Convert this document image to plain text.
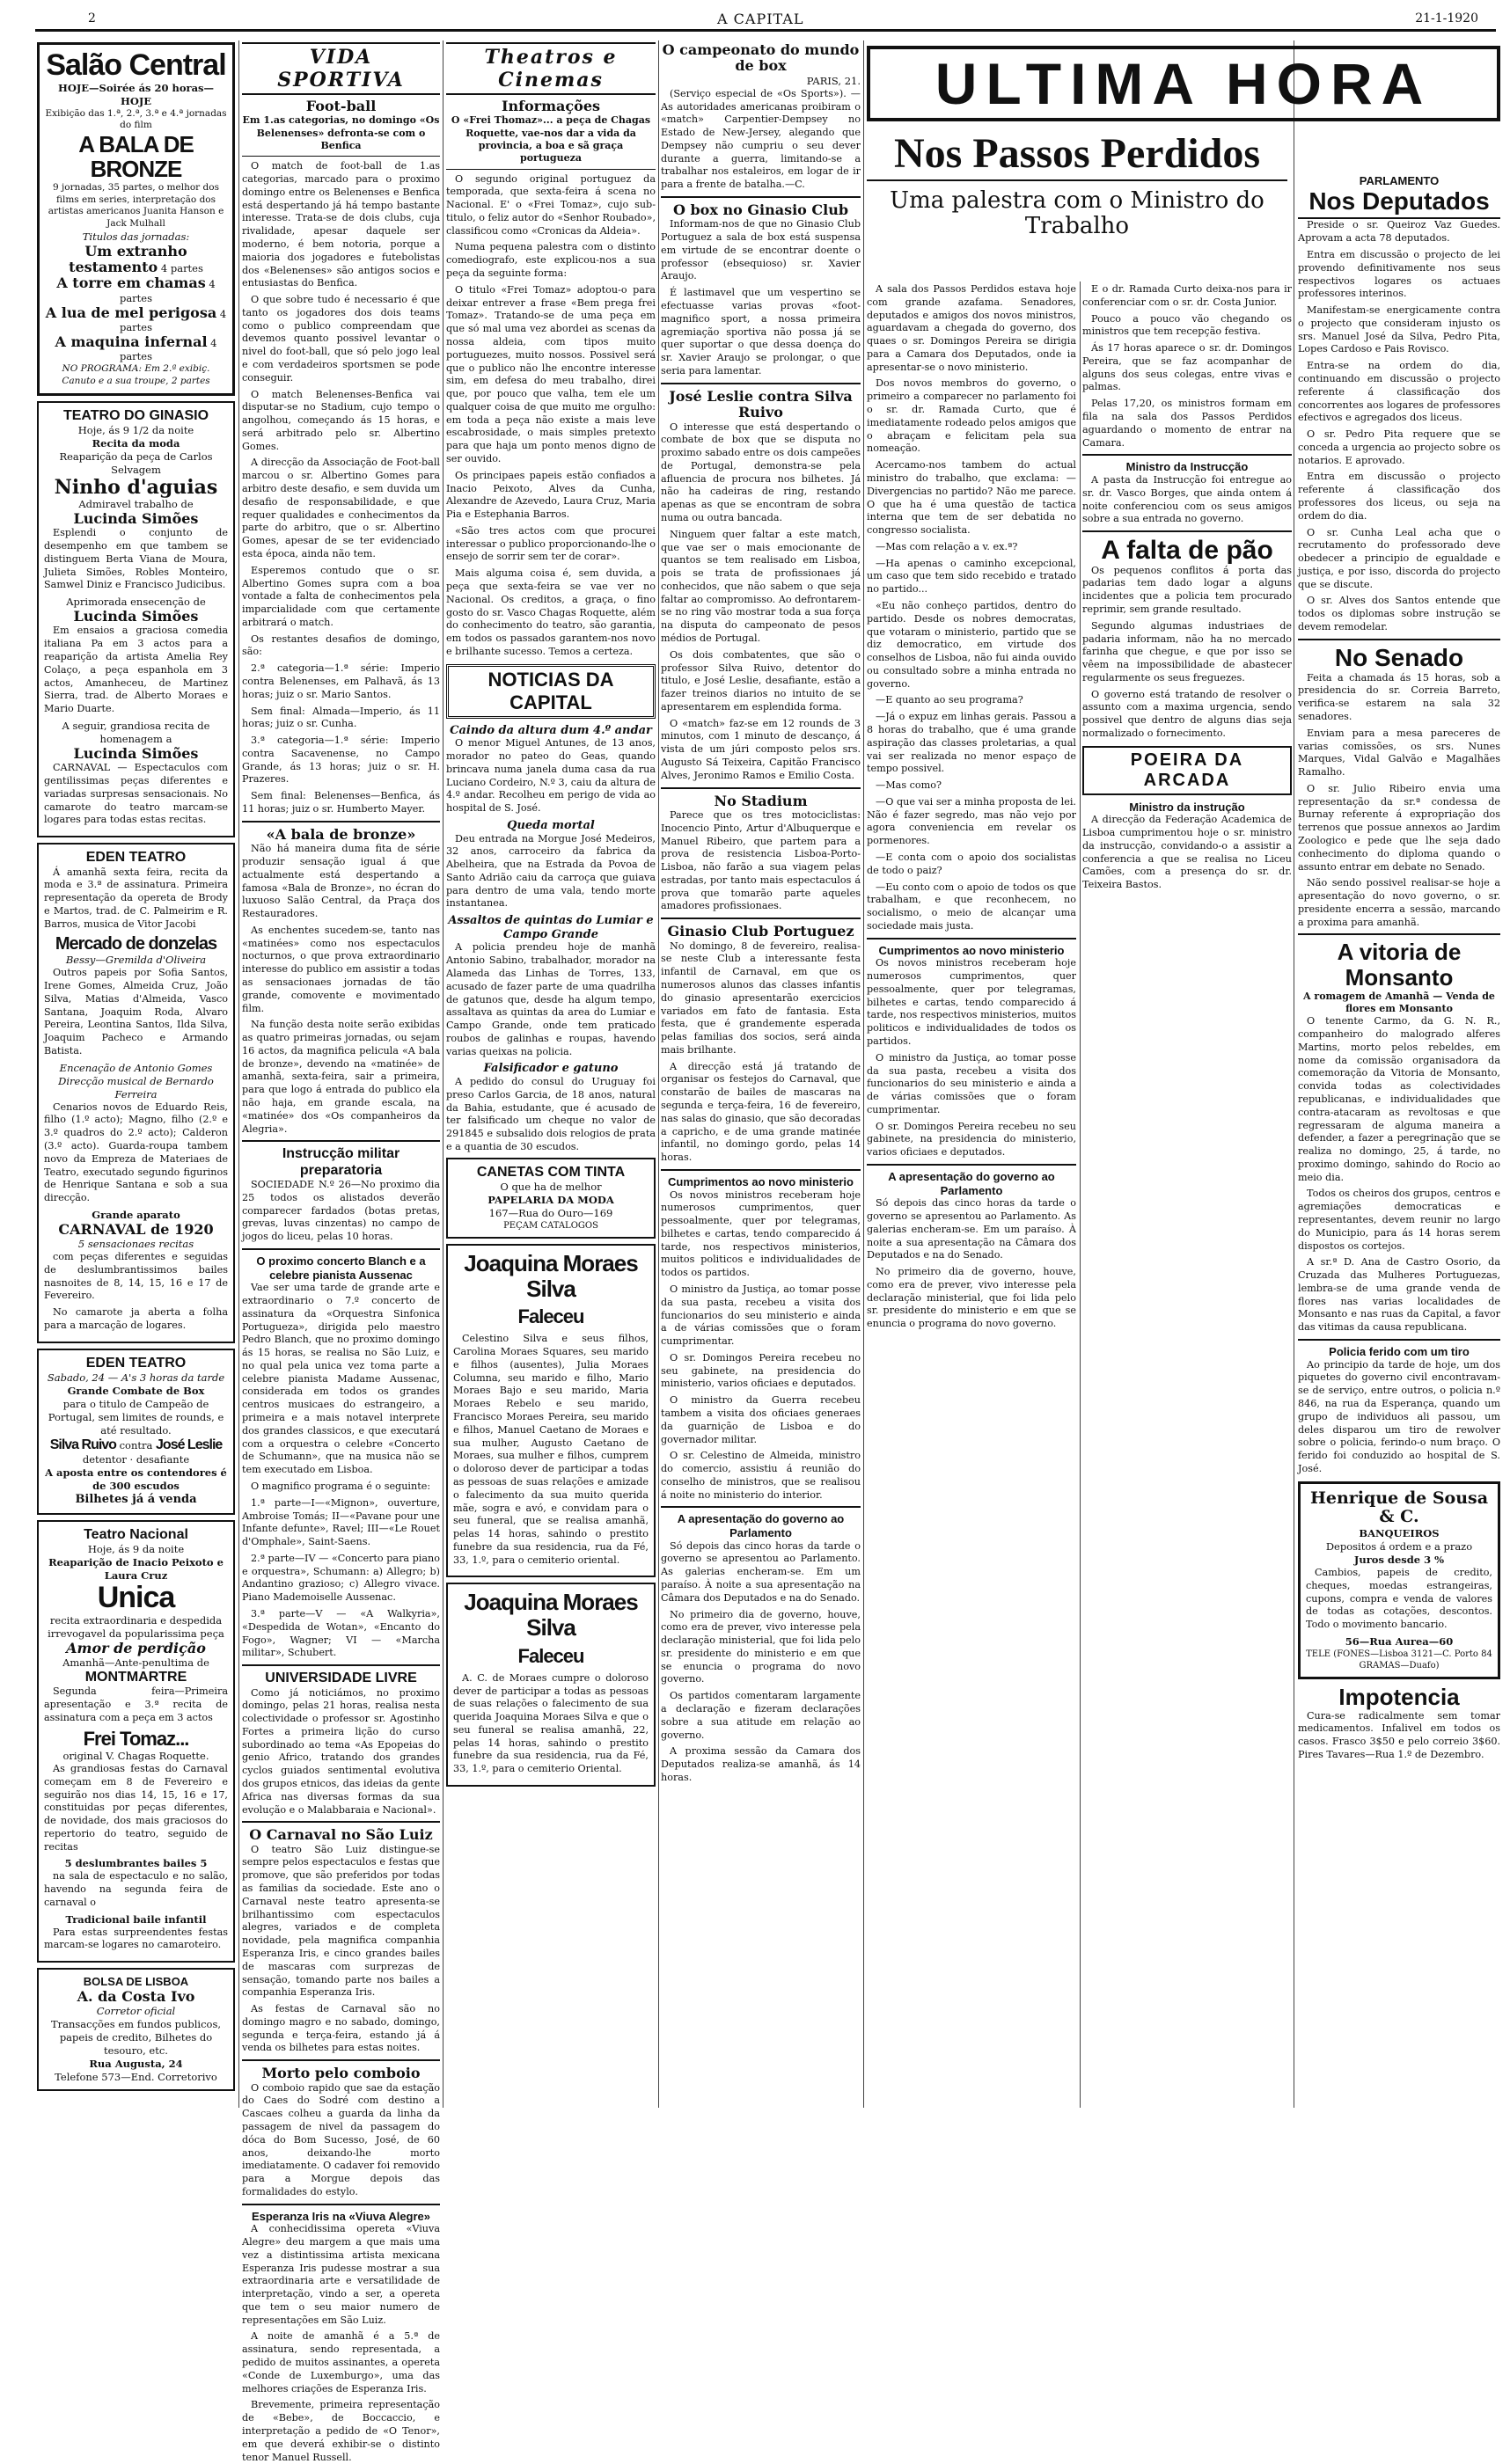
2	A CAPITAL	21-1-1920
Salão Central

HOJE—Soirée ás 20 horas—HOJE

Exibição das 1.ª, 2.ª, 3.ª e 4.ª jornadas do film

A BALA DE BRONZE

9 jornadas, 35 partes, o melhor dos films em series, interpretação dos artistas americanos Juanita Hanson e Jack Mulhall

Titulos das jornadas:

Um extranho testamento 4 partes

A torre em chamas 4 partes

A lua de mel perigosa 4 partes

A maquina infernal 4 partes

NO PROGRAMA: Em 2.ª exibiç. Canuto e a sua troupe, 2 partes

TEATRO DO GINASIO

Hoje, ás 9 1/2 da noite

Recita da moda

Reaparição da peça de Carlos Selvagem

Ninho d'aguias

Admiravel trabalho de

Lucinda Simões

Esplendi o conjunto de desempenho em que tambem se distinguem Berta Viana de Moura, Julieta Simões, Robles Monteiro, Samwel Diniz e Francisco Judicibus.

Aprimorada ensecenção de

Lucinda Simões

Em ensaios a graciosa comedia italiana Pa em 3 actos para a reaparição da artista Amelia Rey Colaço, a peça espanhola em 3 actos, Amanheceu, de Martinez Sierra, trad. de Alberto Moraes e Mario Duarte.

A seguir, grandiosa recita de homenagem a

Lucinda Simões

CARNAVAL — Espectaculos com gentilissimas peças diferentes e variadas surpresas sensacionais. No camarote do teatro marcam-se logares para todas estas recitas.

EDEN TEATRO

Á amanhã sexta feira, recita da moda e 3.ª de assinatura. Primeira representação da opereta de Brody e Martos, trad. de C. Palmeirim e R. Barros, musica de Vitor Jacobi

Mercado de donzelas

Bessy—Gremilda d'Oliveira

Outros papeis por Sofia Santos, Irene Gomes, Almeida Cruz, João Silva, Matias d'Almeida, Vasco Santana, Joaquim Roda, Alvaro Pereira, Leontina Santos, Ilda Silva, Joaquim Pacheco e Armando Batista.

Encenação de Antonio Gomes

Direcção musical de Bernardo Ferreira

Cenarios novos de Eduardo Reis, filho (1.º acto); Magno, filho (2.º e 3.º quadros do 2.º acto); Calderon (3.º acto). Guarda-roupa tambem novo da Empreza de Materiaes de Teatro, executado segundo figurinos de Henrique Santana e sob a sua direcção.

Grande aparato

CARNAVAL de 1920

5 sensacionaes recitas

com peças diferentes e seguidas de deslumbrantissimos bailes nasnoites de 8, 14, 15, 16 e 17 de Fevereiro.

No camarote ja aberta a folha para a marcação de logares.

EDEN TEATRO

Sabado, 24 — A's 3 horas da tarde

Grande Combate de Box

para o titulo de Campeão de Portugal, sem limites de rounds, e até resultado.

Silva Ruivo contra José Leslie

detentor · desafiante

A aposta entre os contendores é de 300 escudos

Bilhetes já á venda

Teatro Nacional

Hoje, ás 9 da noite

Reaparição de Inacio Peixoto e Laura Cruz

Unica

recita extraordinaria e despedida irrevogavel da popularissima peça

Amor de perdição

Amanhã—Ante-penultima de

MONTMARTRE

Segunda feira—Primeira apresentação e 3.ª recita de assinatura com a peça em 3 actos

Frei Tomaz...

original V. Chagas Roquette.

As grandiosas festas do Carnaval começam em 8 de Fevereiro e seguirão nos dias 14, 15, 16 e 17, constituidas por peças diferentes, de novidade, dos mais graciosos do repertorio do teatro, seguido de recitas

5 deslumbrantes bailes 5

na sala de espectaculo e no salão, havendo na segunda feira de carnaval o

Tradicional baile infantil

Para estas surpreendentes festas marcam-se logares no camaroteiro.

BOLSA DE LISBOA
A. da Costa Ivo

Corretor oficial

Transacções em fundos publicos, papeis de credito, Bilhetes do tesouro, etc.

Rua Augusta, 24

Telefone 573—End. Corretorivo

VIDA SPORTIVA
Foot-ball

Em 1.as categorias, no domingo «Os Belenenses» defronta-se com o Benfica

O match de foot-ball de 1.as categorias, marcado para o proximo domingo entre os Belenenses e Benfica está despertando já há tempo bastante interesse. Trata-se de dois clubs, cuja rivalidade, apesar daquele ser moderno, é bem notoria, porque a maioria dos jogadores e futebolistas dos «Belenenses» são antigos socios e entusiastas do Benfica.

O que sobre tudo é necessario é que tanto os jogadores dos dois teams como o publico compreendam que devemos quanto possivel levantar o nivel do foot-ball, que só pelo jogo leal e com verdadeiros sportsmen se pode conseguir.

O match Belenenses-Benfica vai disputar-se no Stadium, cujo tempo o angolhou, começando ás 15 horas, e será arbitrado pelo sr. Albertino Gomes.

A direcção da Associação de Foot-ball marcou o sr. Albertino Gomes para arbitro deste desafio, e sem duvida um desafio de responsabilidade, e que requer qualidades e conhecimentos da parte do arbitro, que o sr. Albertino Gomes, apesar de se ter evidenciado esta época, ainda não tem.

Esperemos contudo que o sr. Albertino Gomes supra com a boa vontade a falta de conhecimentos pela imparcialidade com que certamente arbitrará o match.

Os restantes desafios de domingo, são:

2.ª categoria—1.ª série: Imperio contra Belenenses, em Palhavã, ás 13 horas; juiz o sr. Mario Santos.

Sem final: Almada—Imperio, ás 11 horas; juiz o sr. Cunha.

3.ª categoria—1.ª série: Imperio contra Sacavenense, no Campo Grande, ás 13 horas; juiz o sr. H. Prazeres.

Sem final: Belenenses—Benfica, ás 11 horas; juiz o sr. Humberto Mayer.

«A bala de bronze»

Não há maneira duma fita de série produzir sensação igual á que actualmente está despertando a famosa «Bala de Bronze», no écran do luxuoso Salão Central, da Praça dos Restauradores.

As enchentes sucedem-se, tanto nas «matinées» como nos espectaculos nocturnos, o que prova extraordinario interesse do publico em assistir a todas as sensacionaes jornadas de tão grande, comovente e movimentado film.

Na função desta noite serão exibidas as quatro primeiras jornadas, ou sejam 16 actos, da magnifica pelicula «A bala de bronze», devendo na «matinée» de amanhã, sexta-feira, sair a primeira, para que logo á entrada do publico ela não haja, em grande escala, na «matinée» dos «Os companheiros da Alegria».

Instrucção militar preparatoria

SOCIEDADE N.º 26—No proximo dia 25 todos os alistados deverão comparecer fardados (botas pretas, grevas, luvas cinzentas) no campo de jogos do liceu, pelas 10 horas.

O proximo concerto Blanch e a celebre pianista Aussenac

Vae ser uma tarde de grande arte e extraordinario o 7.º concerto de assinatura da «Orquestra Sinfonica Portugueza», dirigida pelo maestro Pedro Blanch, que no proximo domingo ás 15 horas, se realisa no São Luiz, e no qual pela unica vez toma parte a celebre pianista Madame Aussenac, considerada em todos os grandes centros musicaes do estrangeiro, a primeira e a mais notavel interprete dos grandes classicos, e que executará com a orquestra o celebre «Concerto de Schumann», que na musica não se tem executado em Lisboa.

O magnifico programa é o seguinte:

1.ª parte—I—«Mignon», ouverture, Ambroise Tomás; II—«Pavane pour une Infante defunte», Ravel; III—«Le Rouet d'Omphale», Saint-Saens.

2.ª parte—IV — «Concerto para piano e orquestra», Schumann: a) Allegro; b) Andantino grazioso; c) Allegro vivace. Piano Mademoiselle Aussenac.

3.ª parte—V — «A Walkyria», «Despedida de Wotan», «Encanto do Fogo», Wagner; VI — «Marcha militar», Schubert.

UNIVERSIDADE LIVRE

Como já noticiámos, no proximo domingo, pelas 21 horas, realisa nesta colectividade o professor sr. Agostinho Fortes a primeira lição do curso subordinado ao tema «As Epopeias do genio Africo, tratando dos grandes cyclos guiados sentimental evolutiva dos grupos etnicos, das ideias da gente Africa nas diversas formas da sua evolução e o Malabbaraia e Nacional».

O Carnaval no São Luiz

O teatro São Luiz distingue-se sempre pelos espectaculos e festas que promove, que são preferidos por todas as familias da sociedade. Este ano o Carnaval neste teatro apresenta-se brilhantissimo com espectaculos alegres, variados e de completa novidade, pela magnifica companhia Esperanza Iris, e cinco grandes bailes de mascaras com surprezas de sensação, tomando parte nos bailes a companhia Esperanza Iris.

As festas de Carnaval são no domingo magro e no sabado, domingo, segunda e terça-feira, estando já á venda os bilhetes para estas noites.

Morto pelo comboio

O comboio rapido que sae da estação do Caes do Sodré com destino a Cascaes colheu a guarda da linha da passagem de nivel da passagem do dóca do Bom Sucesso, José, de 60 anos, deixando-lhe morto imediatamente. O cadaver foi removido para a Morgue depois das formalidades do estylo.

Esperanza Iris na «Viuva Alegre»

A conhecidissima opereta «Viuva Alegre» deu margem a que mais uma vez a distintissima artista mexicana Esperanza Iris pudesse mostrar a sua extraordinaria arte e versatilidade de interpretação, vindo a ser, a opereta que tem o seu maior numero de representações em São Luiz.

A noite de amanhã é a 5.ª de assinatura, sendo representada, a pedido de muitos assinantes, a opereta «Conde de Luxemburgo», uma das melhores criações de Esperanza Iris.

Brevemente, primeira representação de «Bebe», de Boccaccio, e interpretação a pedido de «O Tenor», em que deverá exhibir-se o distinto tenor Manuel Russell.

Theatros e Cinemas
Informações

O «Frei Thomaz»... a peça de Chagas Roquette, vae-nos dar a vida da provincia, a boa e sã graça portugueza

O segundo original portuguez da temporada, que sexta-feira á scena no Nacional. E' o «Frei Tomaz», cujo sub-titulo, o feliz autor do «Senhor Roubado», classificou como «Cronicas da Aldeia».

Numa pequena palestra com o distinto comediografo, este explicou-nos a sua peça da seguinte forma:

O titulo «Frei Tomaz» adoptou-o para deixar entrever a frase «Bem prega frei Tomaz». Tratando-se de uma peça em que só mal uma vez abordei as scenas da nossa aldeia, com tipos muito portuguezes, muito nossos. Possivel será que o publico não lhe encontre interesse sim, em defesa do meu trabalho, direi que, por pouco que valha, tem ele um qualquer coisa de que muito me orgulho: em toda a peça não existe a mais leve escabrosidade, o mais simples pretexto para que haja um ponto menos digno de ser ouvido.

Os principaes papeis estão confiados a Inacio Peixoto, Alves da Cunha, Alexandre de Azevedo, Laura Cruz, Maria Pia e Estephania Barros.

«São tres actos com que procurei interessar o publico proporcionando-lhe o ensejo de sorrir sem ter de corar».

Mais alguma coisa é, sem duvida, a peça que sexta-feira se vae ver no Nacional. Os creditos, a graça, o fino gosto do sr. Vasco Chagas Roquette, além do conhecimento do teatro, são garantia, em todos os passados garantem-nos novo e brilhante sucesso. Temos a certeza.

NOTICIAS DA CAPITAL
Caindo da altura dum 4.º andar

O menor Miguel Antunes, de 13 anos, morador no pateo do Geas, quando brincava numa janela duma casa da rua Luciano Cordeiro, N.º 3, caiu da altura de 4.º andar. Recolheu em perigo de vida ao hospital de S. José.

Queda mortal

Deu entrada na Morgue José Medeiros, 32 anos, carroceiro da fabrica da Abelheira, que na Estrada da Povoa de Santo Adrião caiu da carroça que guiava para dentro de uma vala, tendo morte instantanea.

Assaltos de quintas do Lumiar e Campo Grande

A policia prendeu hoje de manhã Antonio Sabino, trabalhador, morador na Alameda das Linhas de Torres, 133, acusado de fazer parte de uma quadrilha de gatunos que, desde ha algum tempo, assaltava as quintas da area do Lumiar e Campo Grande, onde tem praticado roubos de galinhas e roupas, havendo varias queixas na policia.

Falsificador e gatuno

A pedido do consul do Uruguay foi preso Carlos Garcia, de 18 anos, natural da Bahia, estudante, que é acusado de ter falsificado um cheque no valor de 291845 e subsalido dois relogios de prata e a quantia de 30 escudos.

CANETAS COM TINTA

O que ha de melhor

PAPELARIA DA MODA

167—Rua do Ouro—169

PEÇAM CATALOGOS

Joaquina Moraes Silva
Faleceu

Celestino Silva e seus filhos, Carolina Moraes Squares, seu marido e filhos (ausentes), Julia Moraes Columna, seu marido e filho, Mario Moraes Bajo e seu marido, Maria Moraes Rebelo e seu marido, Francisco Moraes Pereira, seu marido e filhos, Manuel Caetano de Moraes e sua mulher, Augusto Caetano de Moraes, sua mulher e filhos, cumprem o doloroso dever de participar a todas as pessoas de suas relações e amizade o falecimento da sua muito querida mãe, sogra e avó, e convidam para o seu funeral, que se realisa amanhã, pelas 14 horas, sahindo o prestito funebre da sua residencia, rua da Fé, 33, 1.º, para o cemiterio oriental.

Joaquina Moraes Silva
Faleceu

A. C. de Moraes cumpre o doloroso dever de participar a todas as pessoas de suas relações o falecimento de sua querida Joaquina Moraes Silva e que o seu funeral se realisa amanhã, 22, pelas 14 horas, sahindo o prestito funebre da sua residencia, rua da Fé, 33, 1.º, para o cemiterio Oriental.

O campeonato do mundo de box

PARIS, 21.

(Serviço especial de «Os Sports»). —As autoridades americanas proibiram o «match» Carpentier-Dempsey no Estado de New-Jersey, alegando que Dempsey não cumpriu o seu dever durante a guerra, limitando-se a trabalhar nos estaleiros, em logar de ir para a frente de batalha.—C.

O box no Ginasio Club

Informam-nos de que no Ginasio Club Portuguez a sala de box está suspensa em virtude de se encontrar doente o professor (ebsequioso) sr. Xavier Araujo.

É lastimavel que um vespertino se efectuasse varias provas «foot-magnifico sport, a nossa primeira agremiação sportiva não possa já se quer suportar o que dessa doença do sr. Xavier Araujo se prolongar, o que seria para lamentar.

José Leslie contra Silva Ruivo

O interesse que está despertando o combate de box que se disputa no proximo sabado entre os dois campeões de Portugal, demonstra-se pela afluencia de procura nos bilhetes. Já não ha cadeiras de ring, restando apenas as que se encontram de sobra numa ou outra bancada.

Ninguem quer faltar a este match, que vae ser o mais emocionante de quantos se tem realisado em Lisboa, pois se trata de profissionaes já conhecidos, que não sabem o que seja faltar ao compromisso. Ao defrontarem-se no ring vão mostrar toda a sua força na disputa do campeonato de pesos médios de Portugal.

Os dois combatentes, que são o professor Silva Ruivo, detentor do titulo, e José Leslie, desafiante, estão a fazer treinos diarios no intuito de se apresentarem em esplendida forma.

O «match» faz-se em 12 rounds de 3 minutos, com 1 minuto de descanço, á vista de um júri composto pelos srs. Augusto Sá Teixeira, Capitão Francisco Alves, Jeronimo Ramos e Emilio Costa.

No Stadium

Parece que os tres motociclistas: Inocencio Pinto, Artur d'Albuquerque e Manuel Ribeiro, que partem para a prova de resistencia Lisboa-Porto-Lisboa, não farão a sua viagem pelas estradas, por tanto mais espectaculos á prova que tomarão parte aqueles amadores profissionaes.

Ginasio Club Portuguez

No domingo, 8 de fevereiro, realisa-se neste Club a interessante festa infantil de Carnaval, em que os numerosos alunos das classes infantis do ginasio apresentarão exercicios variados em fato de fantasia. Esta festa, que é grandemente esperada pelas familias dos socios, será ainda mais brilhante.

A direcção está já tratando de organisar os festejos do Carnaval, que constarão de bailes de mascaras na segunda e terça-feira, 16 de fevereiro, nas salas do ginasio, que são decoradas a capricho, e de uma grande matinée infantil, no domingo gordo, pelas 14 horas.

Cumprimentos ao novo ministerio

Os novos ministros receberam hoje numerosos cumprimentos, quer pessoalmente, quer por telegramas, bilhetes e cartas, tendo comparecido á tarde, nos respectivos ministerios, muitos politicos e individualidades de todos os partidos.

O ministro da Justiça, ao tomar posse da sua pasta, recebeu a visita dos funcionarios do seu ministerio e ainda a de várias comissões que o foram cumprimentar.

O sr. Domingos Pereira recebeu no seu gabinete, na presidencia do ministerio, varios oficiaes e deputados.

O ministro da Guerra recebeu tambem a visita dos oficiaes generaes da guarnição de Lisboa e do governador militar.

O sr. Celestino de Almeida, ministro do comercio, assistiu á reunião do conselho de ministros, que se realisou á noite no ministerio do interior.

A apresentação do governo ao Parlamento

Só depois das cinco horas da tarde o governo se apresentou ao Parlamento. As galerias encheram-se. Em um paraíso. À noite a sua apresentação na Câmara dos Deputados e na do Senado.

No primeiro dia de governo, houve, como era de prever, vivo interesse pela declaração ministerial, que foi lida pelo sr. presidente do ministerio e em que se enuncia o programa do novo governo.

Os partidos comentaram largamente a declaração e fizeram declarações sobre a sua atitude em relação ao governo.

A proxima sessão da Camara dos Deputados realiza-se amanhã, ás 14 horas.

ULTIMA HORA
Nos Passos Perdidos
Uma palestra com o Ministro do Trabalho

A sala dos Passos Perdidos estava hoje com grande azafama. Senadores, deputados e amigos dos novos ministros, aguardavam a chegada do governo, dos quaes o sr. Domingos Pereira se dirigia para a Camara dos Deputados, onde ia apresentar-se o novo ministerio.

Dos novos membros do governo, o primeiro a comparecer no parlamento foi o sr. dr. Ramada Curto, que é imediatamente rodeado pelos amigos que o abraçam e felicitam pela sua nomeação.

Acercamo-nos tambem do actual ministro do trabalho, que exclama: —Divergencias no partido? Não me parece. O que ha é uma questão de tactica interna que tem de ser debatida no congresso socialista.

—Mas com relação a v. ex.ª?

—Ha apenas o caminho excepcional, um caso que tem sido recebido e tratado no partido...

«Eu não conheço partidos, dentro do partido. Desde os nobres democratas, que votaram o ministerio, partido que se diz democratico, em virtude dos conselhos de Lisboa, não fui ainda ouvido ou consultado sobre a minha entrada no governo.

—E quanto ao seu programa?

—Já o expuz em linhas gerais. Passou a 8 horas do trabalho, que é uma grande aspiração das classes proletarias, a qual vai ser realizada no menor espaço de tempo possivel.

—Mas como?

—O que vai ser a minha proposta de lei. Não é fazer segredo, mas não vejo por agora conveniencia em revelar os pormenores.

—E conta com o apoio dos socialistas de todo o paiz?

—Eu conto com o apoio de todos os que trabalham, e que reconhecem, no socialismo, o meio de alcançar uma sociedade mais justa.

Cumprimentos ao novo ministerio

Os novos ministros receberam hoje numerosos cumprimentos, quer pessoalmente, quer por telegramas, bilhetes e cartas, tendo comparecido á tarde, nos respectivos ministerios, muitos politicos e individualidades de todos os partidos.

O ministro da Justiça, ao tomar posse da sua pasta, recebeu a visita dos funcionarios do seu ministerio e ainda a de várias comissões que o foram cumprimentar.

O sr. Domingos Pereira recebeu no seu gabinete, na presidencia do ministerio, varios oficiaes e deputados.

A apresentação do governo ao Parlamento

Só depois das cinco horas da tarde o governo se apresentou ao Parlamento. As galerias encheram-se. Em um paraíso. À noite a sua apresentação na Câmara dos Deputados e na do Senado.

No primeiro dia de governo, houve, como era de prever, vivo interesse pela declaração ministerial, que foi lida pelo sr. presidente do ministerio e em que se enuncia o programa do novo governo.

E o dr. Ramada Curto deixa-nos para ir conferenciar com o sr. dr. Costa Junior.

Pouco a pouco vão chegando os ministros que tem recepção festiva.

Ás 17 horas aparece o sr. dr. Domingos Pereira, que se faz acompanhar de alguns dos seus colegas, entre vivas e palmas.

Pelas 17,20, os ministros formam em fila na sala dos Passos Perdidos aguardando o momento de entrar na Camara.

Ministro da Instrucção

A pasta da Instrucção foi entregue ao sr. dr. Vasco Borges, que ainda ontem á noite conferenciou com os seus amigos sobre a sua entrada no governo.

A falta de pão

Os pequenos conflitos á porta das padarias tem dado logar a alguns incidentes que a policia tem procurado reprimir, sem grande resultado.

Segundo algumas industriaes de padaria informam, não ha no mercado farinha que chegue, e que por isso se vêem na impossibilidade de abastecer regularmente os seus freguezes.

O governo está tratando de resolver o assunto com a maxima urgencia, sendo possivel que dentro de alguns dias seja normalizado o fornecimento.

POEIRA DA ARCADA
Ministro da instrução

A direcção da Federação Academica de Lisboa cumprimentou hoje o sr. ministro da instrucção, convidando-o a assistir a conferencia a que se realisa no Liceu Camões, com a presença do sr. dr. Teixeira Bastos.

PARLAMENTO
Nos Deputados

Preside o sr. Queiroz Vaz Guedes. Aprovam a acta 78 deputados.

Entra em discussão o projecto de lei provendo definitivamente nos seus respectivos logares os actuaes professores interinos.

Manifestam-se energicamente contra o projecto que consideram injusto os srs. Manuel José da Silva, Pedro Pita, Lopes Cardoso e Pais Rovisco.

Entra-se na ordem do dia, continuando em discussão o projecto referente á classificação dos concorrentes aos logares de professores efectivos e agregados dos liceus.

O sr. Pedro Pita requere que se conceda a urgencia ao projecto sobre os notarios. E aprovado.

Entra em discussão o projecto referente á classificação dos professores dos liceus, ou seja na ordem do dia.

O sr. Cunha Leal acha que o recrutamento do professorado deve obedecer a principio de egualdade e justiça, e por isso, discorda do projecto que se discute.

O sr. Alves dos Santos entende que todos os diplomas sobre instrução se devem remodelar.

No Senado

Feita a chamada ás 15 horas, sob a presidencia do sr. Correia Barreto, verifica-se estarem na sala 32 senadores.

Enviam para a mesa pareceres de varias comissões, os srs. Nunes Marques, Vidal Galvão e Magalhães Ramalho.

O sr. Julio Ribeiro envia uma representação da sr.ª condessa de Burnay referente á expropriação dos terrenos que possue annexos ao Jardim Zoologico e pede que lhe seja dado conhecimento do diploma quando o assunto entrar em debate no Senado.

Não sendo possivel realisar-se hoje a apresentação do novo governo, o sr. presidente encerra a sessão, marcando a proxima para amanhã.

A vitoria de Monsanto

A romagem de Amanhã — Venda de flores em Monsanto

O tenente Carmo, da G. N. R., companheiro do malogrado alferes Martins, morto pelos rebeldes, em nome da comissão organisadora da comemoração da Vitoria de Monsanto, convida todas as colectividades republicanas, e individualidades que contra-atacaram as revoltosas e que regressaram de alguma maneira a defender, a fazer a peregrinação que se realiza no domingo, 25, á tarde, no proximo domingo, sahindo do Rocio ao meio dia.

Todos os cheiros dos grupos, centros e agremiações democraticas e representantes, devem reunir no largo do Municipio, para ás 14 horas serem dispostos os cortejos.

A sr.ª D. Ana de Castro Osorio, da Cruzada das Mulheres Portuguezas, lembra-se de uma grande venda de flores nas varias localidades de Monsanto e nas ruas da Capital, a favor das vitimas da causa republicana.

Policia ferido com um tiro

Ao principio da tarde de hoje, um dos piquetes do governo civil encontravam-se de serviço, entre outros, o policia n.º 846, na rua da Esperança, quando um grupo de individuos ali passou, um deles disparou um tiro de rewolver sobre o policia, ferindo-o num braço. O ferido foi conduzido ao hospital de S. José.

Henrique de Sousa & C.

BANQUEIROS

Depositos á ordem e a prazo

Juros desde 3 %

Cambios, papeis de credito, cheques, moedas estrangeiras, cupons, compra e venda de valores de todas as cotações, descontos. Todo o movimento bancario.

56—Rua Aurea—60

TELE (FONES—Lisboa 3121—C. Porto 84 GRAMAS—Duafo)

Impotencia

Cura-se radicalmente sem tomar medicamentos. Infalivel em todos os casos. Frasco 3$50 e pelo correio 3$60. Pires Tavares—Rua 1.º de Dezembro.
